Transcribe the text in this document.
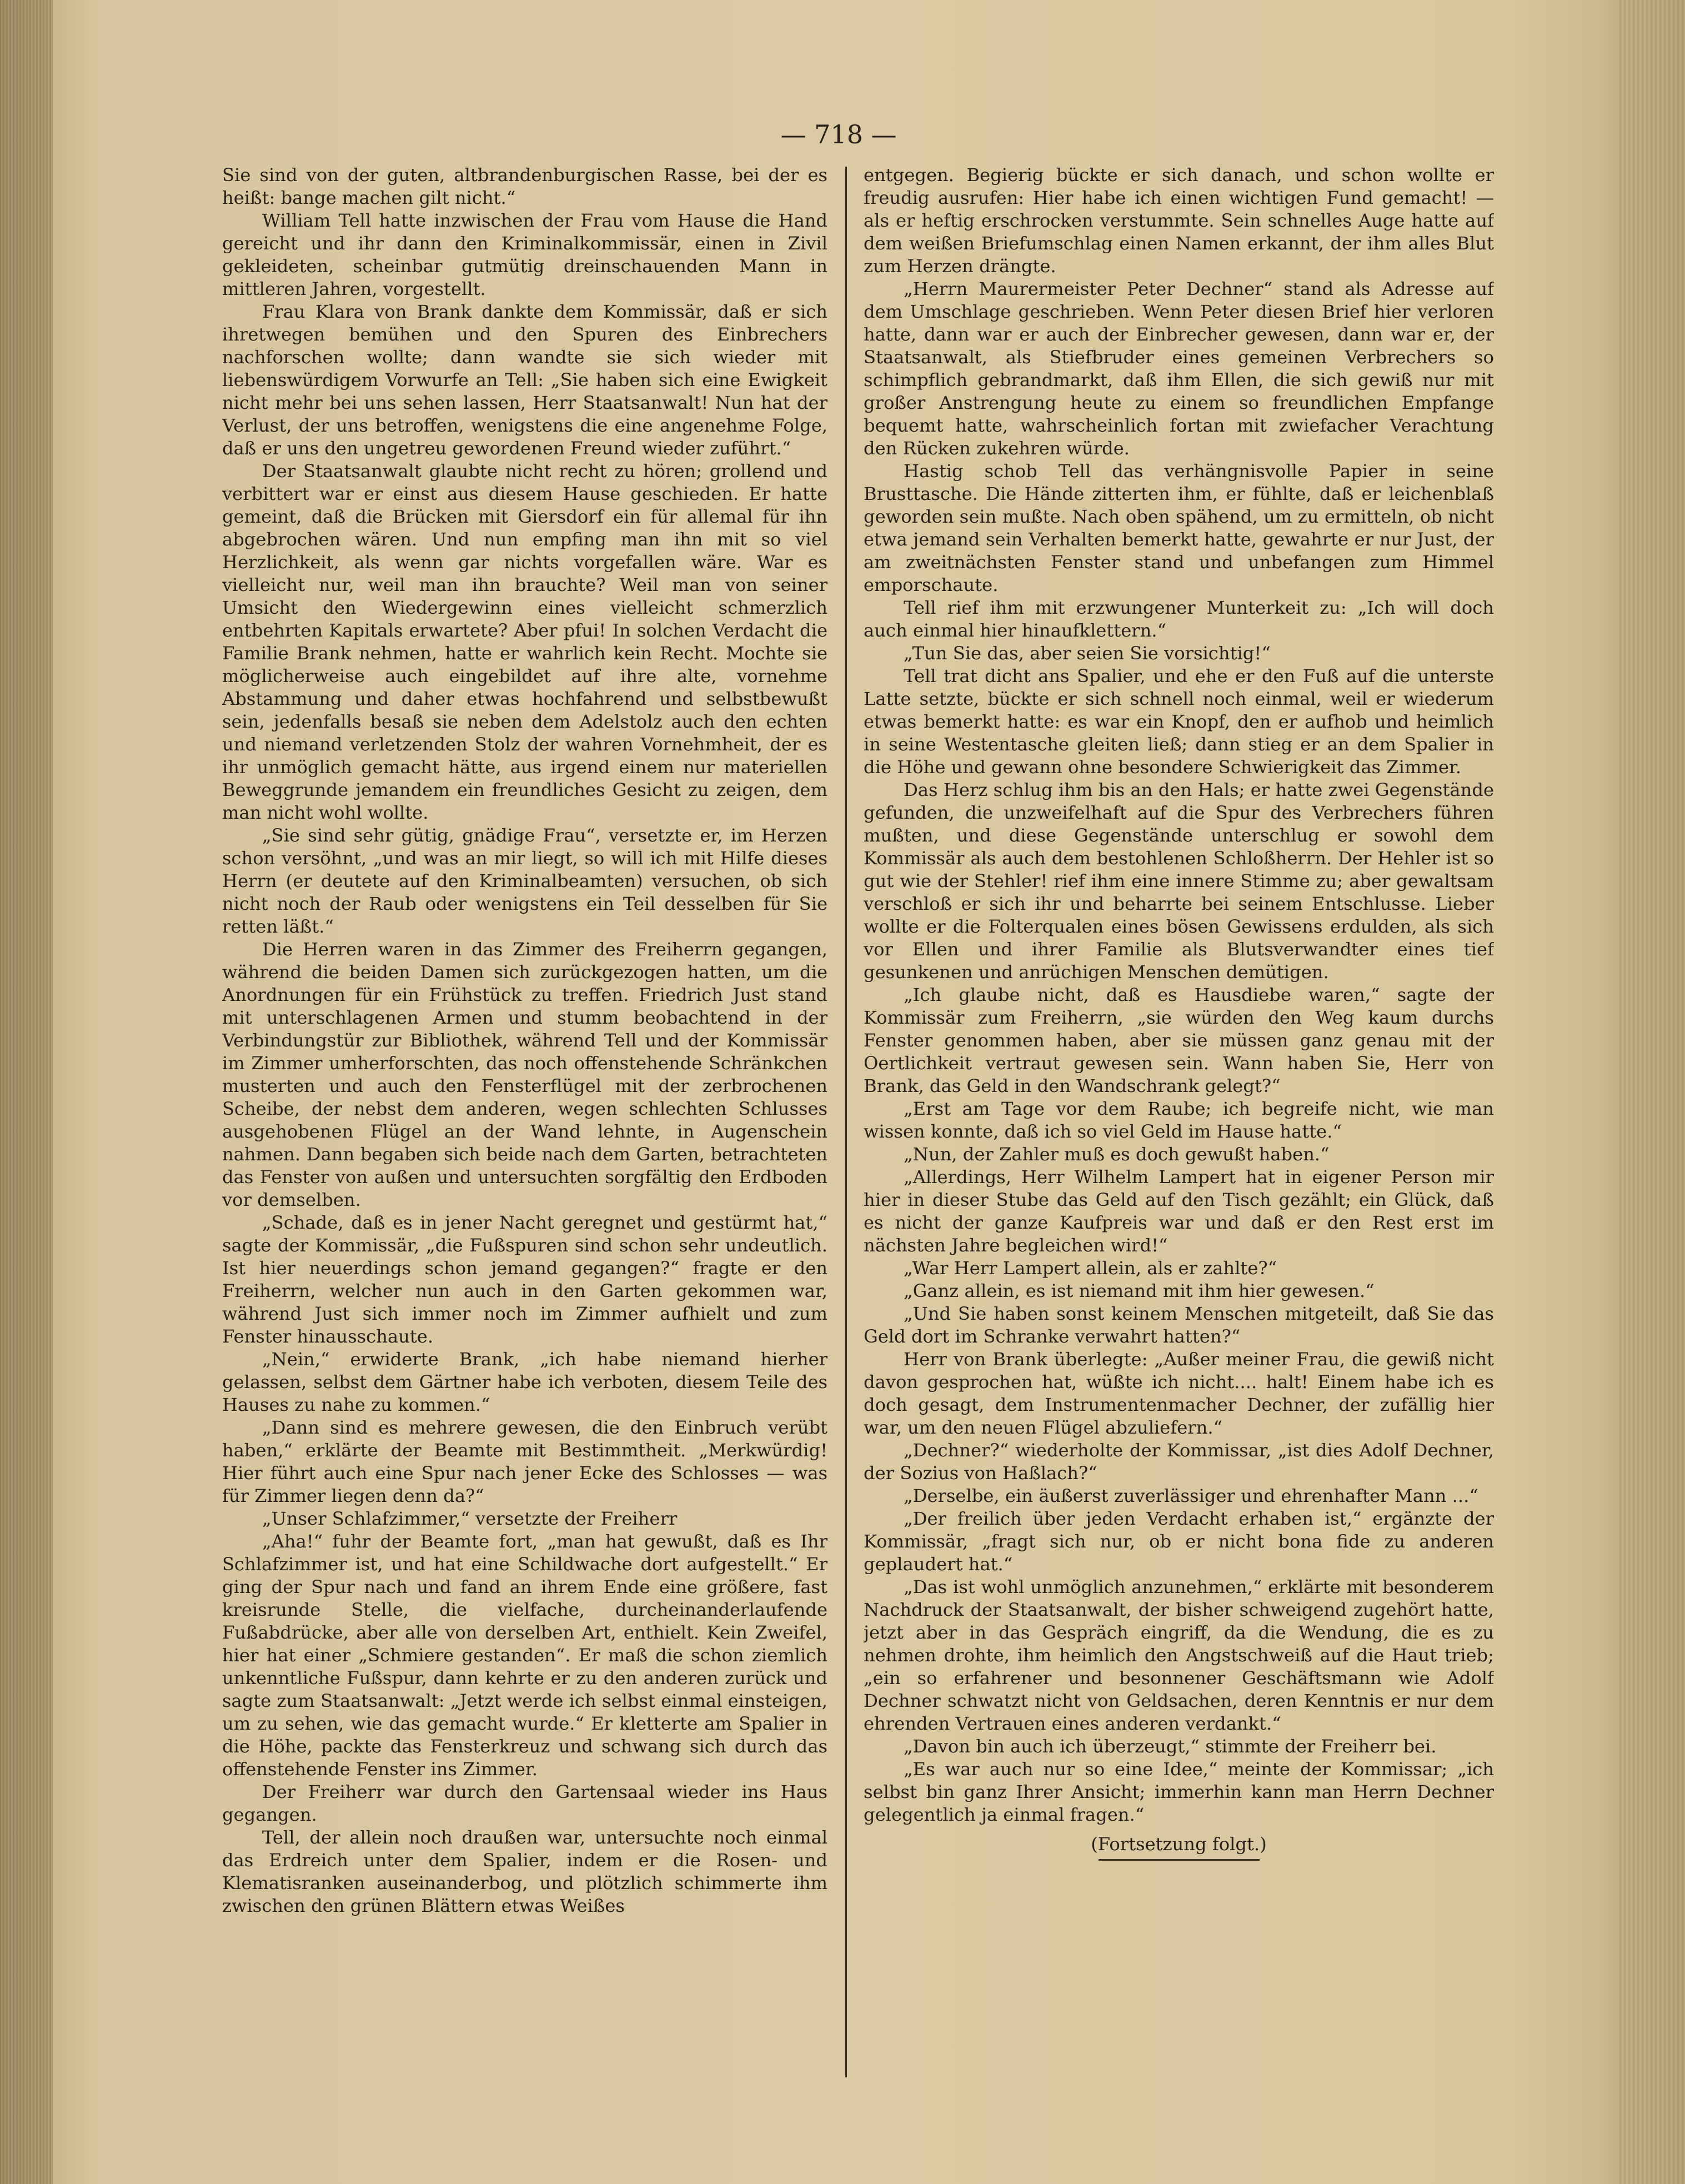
— 718 —

Sie sind von der guten, altbrandenburgischen Rasse, bei der es heißt: bange machen gilt nicht.“

William Tell hatte inzwischen der Frau vom Hause die Hand gereicht und ihr dann den Kriminalkommissär, einen in Zivil gekleideten, scheinbar gutmütig dreinschauenden Mann in mittleren Jahren, vorgestellt.

Frau Klara von Brank dankte dem Kommissär, daß er sich ihretwegen bemühen und den Spuren des Einbrechers nachforschen wollte; dann wandte sie sich wieder mit liebenswürdigem Vorwurfe an Tell: „Sie haben sich eine Ewigkeit nicht mehr bei uns sehen lassen, Herr Staatsanwalt! Nun hat der Verlust, der uns betroffen, wenigstens die eine angenehme Folge, daß er uns den ungetreu gewordenen Freund wieder zuführt.“

Der Staatsanwalt glaubte nicht recht zu hören; grollend und verbittert war er einst aus diesem Hause geschieden. Er hatte gemeint, daß die Brücken mit Giersdorf ein für allemal für ihn abgebrochen wären. Und nun empfing man ihn mit so viel Herzlichkeit, als wenn gar nichts vorgefallen wäre. War es vielleicht nur, weil man ihn brauchte? Weil man von seiner Umsicht den Wiedergewinn eines vielleicht schmerzlich entbehrten Kapitals erwartete? Aber pfui! In solchen Verdacht die Familie Brank nehmen, hatte er wahrlich kein Recht. Mochte sie möglicherweise auch eingebildet auf ihre alte, vornehme Abstammung und daher etwas hochfahrend und selbstbewußt sein, jedenfalls besaß sie neben dem Adelstolz auch den echten und niemand verletzenden Stolz der wahren Vornehmheit, der es ihr unmöglich gemacht hätte, aus irgend einem nur materiellen Beweggrunde jemandem ein freundliches Gesicht zu zeigen, dem man nicht wohl wollte.

„Sie sind sehr gütig, gnädige Frau“, versetzte er, im Herzen schon versöhnt, „und was an mir liegt, so will ich mit Hilfe dieses Herrn (er deutete auf den Kriminalbeamten) versuchen, ob sich nicht noch der Raub oder wenigstens ein Teil desselben für Sie retten läßt.“

Die Herren waren in das Zimmer des Freiherrn gegangen, während die beiden Damen sich zurückgezogen hatten, um die Anordnungen für ein Frühstück zu treffen. Friedrich Just stand mit unterschlagenen Armen und stumm beobachtend in der Verbindungstür zur Bibliothek, während Tell und der Kommissär im Zimmer umherforschten, das noch offenstehende Schränkchen musterten und auch den Fensterflügel mit der zerbrochenen Scheibe, der nebst dem anderen, wegen schlechten Schlusses ausgehobenen Flügel an der Wand lehnte, in Augenschein nahmen. Dann begaben sich beide nach dem Garten, betrachteten das Fenster von außen und untersuchten sorgfältig den Erdboden vor demselben.

„Schade, daß es in jener Nacht geregnet und gestürmt hat,“ sagte der Kommissär, „die Fußspuren sind schon sehr undeutlich. Ist hier neuerdings schon jemand gegangen?“ fragte er den Freiherrn, welcher nun auch in den Garten gekommen war, während Just sich immer noch im Zimmer aufhielt und zum Fenster hinausschaute.

„Nein,“ erwiderte Brank, „ich habe niemand hierher gelassen, selbst dem Gärtner habe ich verboten, diesem Teile des Hauses zu nahe zu kommen.“

„Dann sind es mehrere gewesen, die den Einbruch verübt haben,“ erklärte der Beamte mit Bestimmtheit. „Merkwürdig! Hier führt auch eine Spur nach jener Ecke des Schlosses — was für Zimmer liegen denn da?“

„Unser Schlafzimmer,“ versetzte der Freiherr

„Aha!“ fuhr der Beamte fort, „man hat gewußt, daß es Ihr Schlafzimmer ist, und hat eine Schildwache dort aufgestellt.“ Er ging der Spur nach und fand an ihrem Ende eine größere, fast kreisrunde Stelle, die vielfache, durcheinanderlaufende Fußabdrücke, aber alle von derselben Art, enthielt. Kein Zweifel, hier hat einer „Schmiere gestanden“. Er maß die schon ziemlich unkenntliche Fußspur, dann kehrte er zu den anderen zurück und sagte zum Staatsanwalt: „Jetzt werde ich selbst einmal einsteigen, um zu sehen, wie das gemacht wurde.“ Er kletterte am Spalier in die Höhe, packte das Fensterkreuz und schwang sich durch das offenstehende Fenster ins Zimmer.

Der Freiherr war durch den Gartensaal wieder ins Haus gegangen.

Tell, der allein noch draußen war, untersuchte noch einmal das Erdreich unter dem Spalier, indem er die Rosen- und Klematisranken auseinanderbog, und plötzlich schimmerte ihm zwischen den grünen Blättern etwas Weißes

entgegen. Begierig bückte er sich danach, und schon wollte er freudig ausrufen: Hier habe ich einen wichtigen Fund gemacht! — als er heftig erschrocken verstummte. Sein schnelles Auge hatte auf dem weißen Briefumschlag einen Namen erkannt, der ihm alles Blut zum Herzen drängte.

„Herrn Maurermeister Peter Dechner“ stand als Adresse auf dem Umschlage geschrieben. Wenn Peter diesen Brief hier verloren hatte, dann war er auch der Einbrecher gewesen, dann war er, der Staatsanwalt, als Stiefbruder eines gemeinen Verbrechers so schimpflich gebrandmarkt, daß ihm Ellen, die sich gewiß nur mit großer Anstrengung heute zu einem so freundlichen Empfange bequemt hatte, wahrscheinlich fortan mit zwiefacher Verachtung den Rücken zukehren würde.

Hastig schob Tell das verhängnisvolle Papier in seine Brusttasche. Die Hände zitterten ihm, er fühlte, daß er leichenblaß geworden sein mußte. Nach oben spähend, um zu ermitteln, ob nicht etwa jemand sein Verhalten bemerkt hatte, gewahrte er nur Just, der am zweitnächsten Fenster stand und unbefangen zum Himmel emporschaute.

Tell rief ihm mit erzwungener Munterkeit zu: „Ich will doch auch einmal hier hinaufklettern.“

„Tun Sie das, aber seien Sie vorsichtig!“

Tell trat dicht ans Spalier, und ehe er den Fuß auf die unterste Latte setzte, bückte er sich schnell noch einmal, weil er wiederum etwas bemerkt hatte: es war ein Knopf, den er aufhob und heimlich in seine Westentasche gleiten ließ; dann stieg er an dem Spalier in die Höhe und gewann ohne besondere Schwierigkeit das Zimmer.

Das Herz schlug ihm bis an den Hals; er hatte zwei Gegenstände gefunden, die unzweifelhaft auf die Spur des Verbrechers führen mußten, und diese Gegenstände unterschlug er sowohl dem Kommissär als auch dem bestohlenen Schloßherrn. Der Hehler ist so gut wie der Stehler! rief ihm eine innere Stimme zu; aber gewaltsam verschloß er sich ihr und beharrte bei seinem Entschlusse. Lieber wollte er die Folterqualen eines bösen Gewissens erdulden, als sich vor Ellen und ihrer Familie als Blutsverwandter eines tief gesunkenen und anrüchigen Menschen demütigen.

„Ich glaube nicht, daß es Hausdiebe waren,“ sagte der Kommissär zum Freiherrn, „sie würden den Weg kaum durchs Fenster genommen haben, aber sie müssen ganz genau mit der Oertlichkeit vertraut gewesen sein. Wann haben Sie, Herr von Brank, das Geld in den Wandschrank gelegt?“

„Erst am Tage vor dem Raube; ich begreife nicht, wie man wissen konnte, daß ich so viel Geld im Hause hatte.“

„Nun, der Zahler muß es doch gewußt haben.“

„Allerdings, Herr Wilhelm Lampert hat in eigener Person mir hier in dieser Stube das Geld auf den Tisch gezählt; ein Glück, daß es nicht der ganze Kaufpreis war und daß er den Rest erst im nächsten Jahre begleichen wird!“

„War Herr Lampert allein, als er zahlte?“

„Ganz allein, es ist niemand mit ihm hier gewesen.“

„Und Sie haben sonst keinem Menschen mitgeteilt, daß Sie das Geld dort im Schranke verwahrt hatten?“

Herr von Brank überlegte: „Außer meiner Frau, die gewiß nicht davon gesprochen hat, wüßte ich nicht.... halt! Einem habe ich es doch gesagt, dem Instrumentenmacher Dechner, der zufällig hier war, um den neuen Flügel abzuliefern.“

„Dechner?“ wiederholte der Kommissar, „ist dies Adolf Dechner, der Sozius von Haßlach?“

„Derselbe, ein äußerst zuverlässiger und ehrenhafter Mann ...“

„Der freilich über jeden Verdacht erhaben ist,“ ergänzte der Kommissär, „fragt sich nur, ob er nicht bona fide zu anderen geplaudert hat.“

„Das ist wohl unmöglich anzunehmen,“ erklärte mit besonderem Nachdruck der Staatsanwalt, der bisher schweigend zugehört hatte, jetzt aber in das Gespräch eingriff, da die Wendung, die es zu nehmen drohte, ihm heimlich den Angstschweiß auf die Haut trieb; „ein so erfahrener und besonnener Geschäftsmann wie Adolf Dechner schwatzt nicht von Geldsachen, deren Kenntnis er nur dem ehrenden Vertrauen eines anderen verdankt.“

„Davon bin auch ich überzeugt,“ stimmte der Freiherr bei.

„Es war auch nur so eine Idee,“ meinte der Kommissar; „ich selbst bin ganz Ihrer Ansicht; immerhin kann man Herrn Dechner gelegentlich ja einmal fragen.“

(Fortsetzung folgt.)
